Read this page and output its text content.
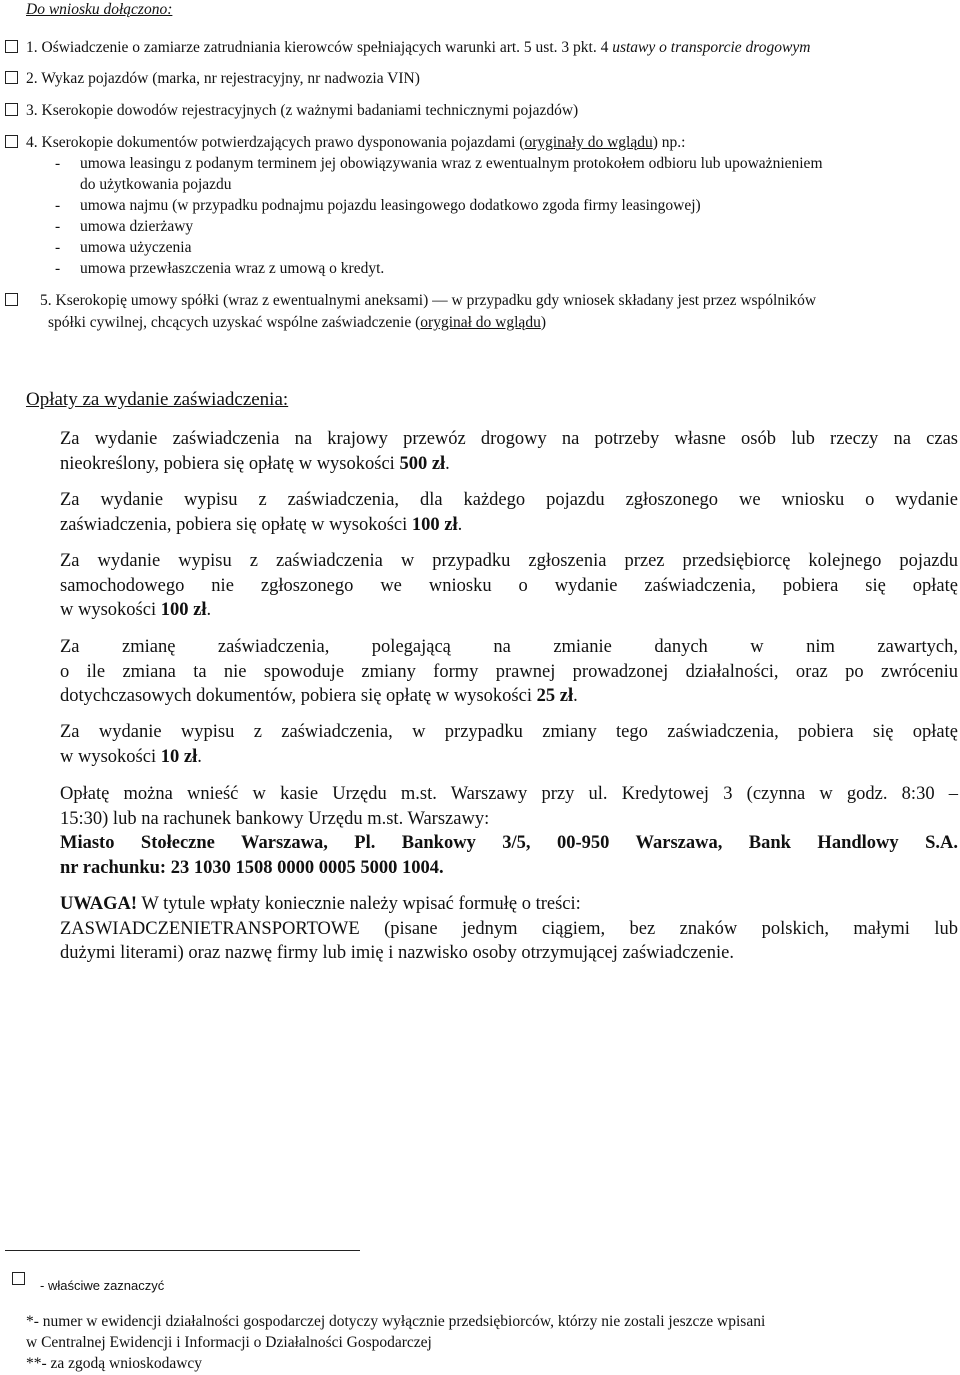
Do wniosku dołączono:
1. Oświadczenie o zamiarze zatrudniania kierowców spełniających warunki art. 5 ust. 3 pkt. 4 ustawy o transporcie drogowym
2. Wykaz pojazdów (marka, nr rejestracyjny, nr nadwozia VIN)
3. Kserokopie dowodów rejestracyjnych (z ważnymi badaniami technicznymi pojazdów)
4. Kserokopie dokumentów potwierdzających prawo dysponowania pojazdami (oryginały do wglądu) np.:
- umowa leasingu z podanym terminem jej obowiązywania wraz z ewentualnym protokołem odbioru lub upoważnieniem
do użytkowania pojazdu
- umowa najmu (w przypadku podnajmu pojazdu leasingowego dodatkowo zgoda firmy leasingowej)
- umowa dzierżawy
- umowa użyczenia
- umowa przewłaszczenia wraz z umową o kredyt.
5. Kserokopię umowy spółki (wraz z ewentualnymi aneksami) — w przypadku gdy wniosek składany jest przez wspólników
spółki cywilnej, chcących uzyskać wspólne zaświadczenie (oryginał do wglądu)
Opłaty za wydanie zaświadczenia:

Za wydanie zaświadczenia na krajowy przewóz drogowy na potrzeby własne osób lub rzeczy na czas

nieokreślony, pobiera się opłatę w wysokości 500 zł.

Za wydanie wypisu z zaświadczenia, dla każdego pojazdu zgłoszonego we wniosku o wydanie

zaświadczenia, pobiera się opłatę w wysokości 100 zł.

Za wydanie wypisu z zaświadczenia w przypadku zgłoszenia przez przedsiębiorcę kolejnego pojazdu

samochodowego nie zgłoszonego we wniosku o wydanie zaświadczenia, pobiera się opłatę

w wysokości 100 zł.

Za zmianę zaświadczenia, polegającą na zmianie danych w nim zawartych,

o ile zmiana ta nie spowoduje zmiany formy prawnej prowadzonej działalności, oraz po zwróceniu

dotychczasowych dokumentów, pobiera się opłatę w wysokości 25 zł.

Za wydanie wypisu z zaświadczenia, w przypadku zmiany tego zaświadczenia, pobiera się opłatę

w wysokości 10 zł.

Opłatę można wnieść w kasie Urzędu m.st. Warszawy przy ul. Kredytowej 3 (czynna w godz. 8:30 –

15:30) lub na rachunek bankowy Urzędu m.st. Warszawy:

Miasto Stołeczne Warszawa, Pl. Bankowy 3/5, 00-950 Warszawa, Bank Handlowy S.A.

nr rachunku: 23 1030 1508 0000 0005 5000 1004.

UWAGA! W tytule wpłaty koniecznie należy wpisać formułę o treści:

ZASWIADCZENIETRANSPORTOWE (pisane jednym ciągiem, bez znaków polskich, małymi lub

dużymi literami) oraz nazwę firmy lub imię i nazwisko osoby otrzymującej zaświadczenie.

- właściwe zaznaczyć
*- numer w ewidencji działalności gospodarczej dotyczy wyłącznie przedsiębiorców, którzy nie zostali jeszcze wpisani
w Centralnej Ewidencji i Informacji o Działalności Gospodarczej
**- za zgodą wnioskodawcy
